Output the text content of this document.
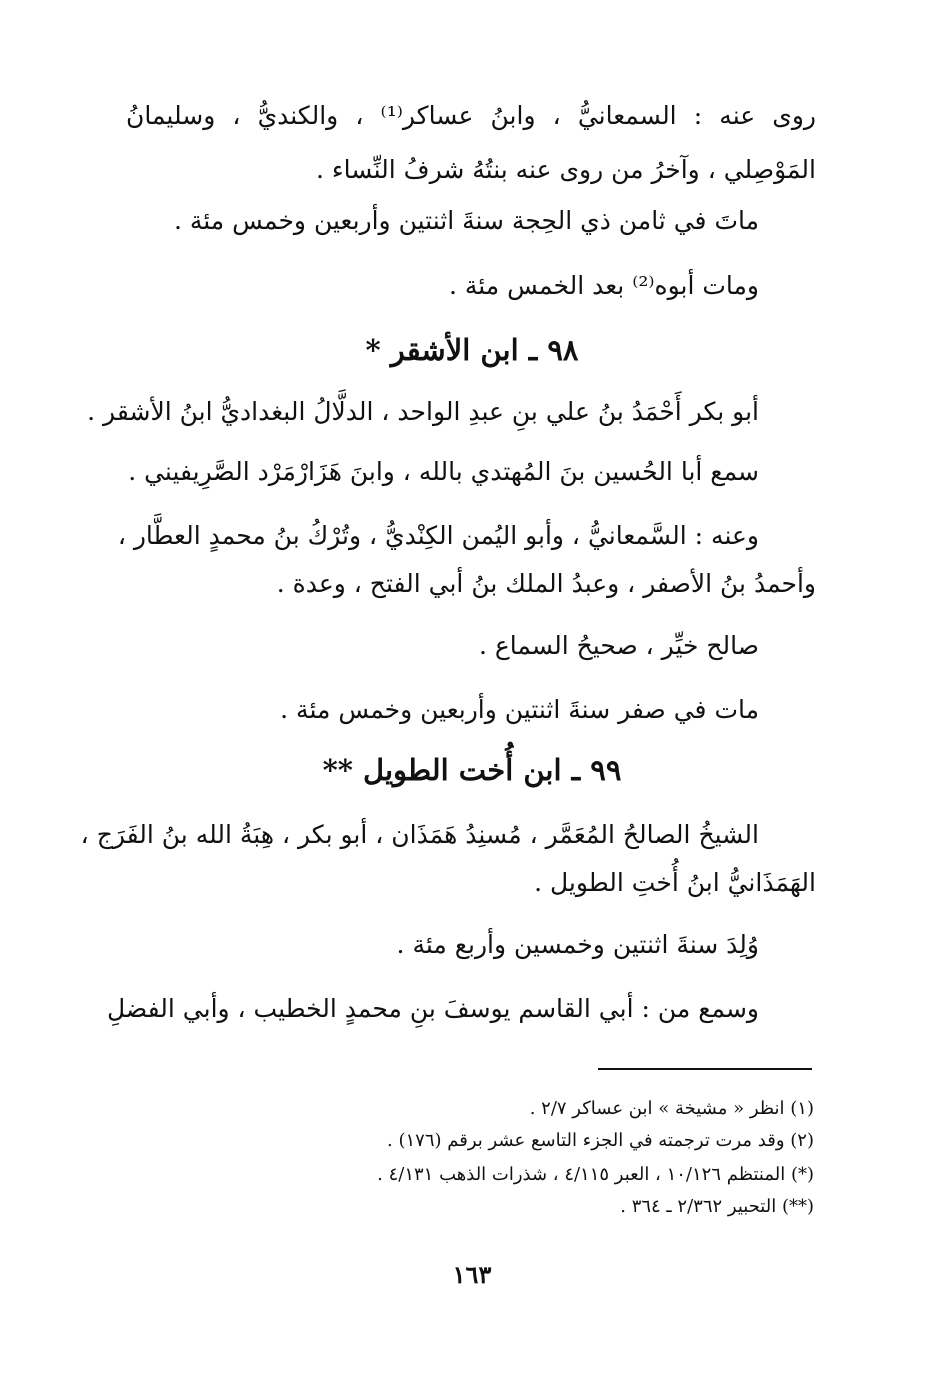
روى عنه : السمعانيُّ ، وابنُ عساكر⁽¹⁾ ، والكنديُّ ، وسليمانُ
المَوْصِلي ، وآخرُ من روى عنه بنتُهُ شرفُ النِّساء .
ماتَ في ثامن ذي الحِجة سنةَ اثنتين وأربعين وخمس مئة .
ومات أبوه⁽²⁾ بعد الخمس مئة .
٩٨ ـ ابن الأشقر *
أبو بكر أَحْمَدُ بنُ علي بنِ عبدِ الواحد ، الدلَّالُ البغداديُّ ابنُ الأشقر .
سمع أبا الحُسين بنَ المُهتدي بالله ، وابنَ هَزَارْمَرْد الصَّرِيفيني .
وعنه : السَّمعانيُّ ، وأبو اليُمن الكِنْديُّ ، وتُرْكُ بنُ محمدٍ العطَّار ،
وأحمدُ بنُ الأصفر ، وعبدُ الملك بنُ أبي الفتح ، وعدة .
صالح خيِّر ، صحيحُ السماع .
مات في صفر سنةَ اثنتين وأربعين وخمس مئة .
٩٩ ـ ابن أُخت الطويل **
الشيخُ الصالحُ المُعَمَّر ، مُسنِدُ هَمَذَان ، أبو بكر ، هِبَةُ الله بنُ الفَرَج ،
الهَمَذَانيُّ ابنُ أُختِ الطويل .
وُلِدَ سنةَ اثنتين وخمسين وأربع مئة .
وسمع من : أبي القاسم يوسفَ بنِ محمدٍ الخطيب ، وأبي الفضلِ
(١) انظر « مشيخة » ابن عساكر ٢/٧ .
(٢) وقد مرت ترجمته في الجزء التاسع عشر برقم (١٧٦) .
(*) المنتظم ١٠/١٢٦ ، العبر ٤/١١٥ ، شذرات الذهب ٤/١٣١ .
(**) التحبير ٢/٣٦٢ ـ ٣٦٤ .
١٦٣
